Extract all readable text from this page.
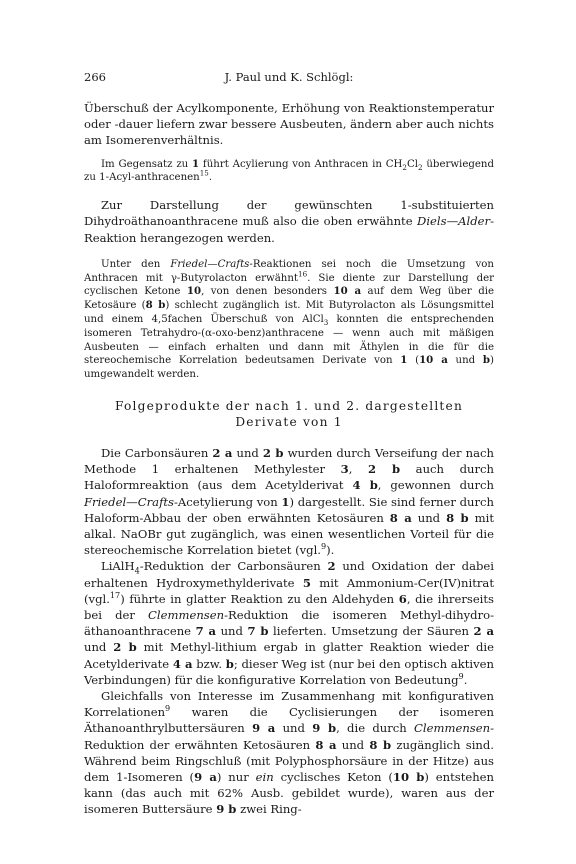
266	J. Paul und K. Schlögl:

Überschuß der Acylkomponente, Erhöhung von Reaktionstemperatur oder -dauer liefern zwar bessere Ausbeuten, ändern aber auch nichts am Isomerenverhältnis.

Im Gegensatz zu 1 führt Acylierung von Anthracen in $CH_2Cl_2$ überwiegend zu 1-Acyl-anthracenen$^{15}$.

Zur Darstellung der gewünschten 1-substituierten Dihydroäthanoanthracene muß also die oben erwähnte Diels—Alder-Reaktion herangezogen werden.

Unter den Friedel—Crafts-Reaktionen sei noch die Umsetzung von Anthracen mit γ-Butyrolacton erwähnt$^{16}$. Sie diente zur Darstellung der cyclischen Ketone 10, von denen besonders 10 a auf dem Weg über die Ketosäure (8 b) schlecht zugänglich ist. Mit Butyrolacton als Lösungsmittel und einem 4,5fachen Überschuß von AlCl$_3$ konnten die entsprechenden isomeren Tetrahydro-(α-oxo-benz)anthracene — wenn auch mit mäßigen Ausbeuten — einfach erhalten und dann mit Äthylen in die für die stereochemische Korrelation bedeutsamen Derivate von 1 (10 a und b) umgewandelt werden.

Folgeprodukte der nach 1. und 2. dargestellten Derivate von 1

Die Carbonsäuren 2 a und 2 b wurden durch Verseifung der nach Methode 1 erhaltenen Methylester 3, 2 b auch durch Haloformreaktion (aus dem Acetylderivat 4 b, gewonnen durch Friedel—Crafts-Acetylierung von 1) dargestellt. Sie sind ferner durch Haloform-Abbau der oben erwähnten Ketosäuren 8 a und 8 b mit alkal. NaOBr gut zugänglich, was einen wesentlichen Vorteil für die stereochemische Korrelation bietet (vgl.$^9$).

LiAlH$_4$-Reduktion der Carbonsäuren 2 und Oxidation der dabei erhaltenen Hydroxymethylderivate 5 mit Ammonium-Cer(IV)nitrat (vgl.$^{17}$) führte in glatter Reaktion zu den Aldehyden 6, die ihrerseits bei der Clemmensen-Reduktion die isomeren Methyl-dihydro-äthanoanthracene 7 a und 7 b lieferten. Umsetzung der Säuren 2 a und 2 b mit Methyl-lithium ergab in glatter Reaktion wieder die Acetylderivate 4 a bzw. b; dieser Weg ist (nur bei den optisch aktiven Verbindungen) für die konfigurative Korrelation von Bedeutung$^9$.

Gleichfalls von Interesse im Zusammenhang mit konfigurativen Korrelationen$^9$ waren die Cyclisierungen der isomeren Äthanoanthrylbuttersäuren 9 a und 9 b, die durch Clemmensen-Reduktion der erwähnten Ketosäuren 8 a und 8 b zugänglich sind. Während beim Ringschluß (mit Polyphosphorsäure in der Hitze) aus dem 1-Isomeren (9 a) nur ein cyclisches Keton (10 b) entstehen kann (das auch mit 62% Ausb. gebildet wurde), waren aus der isomeren Buttersäure 9 b zwei Ring-
